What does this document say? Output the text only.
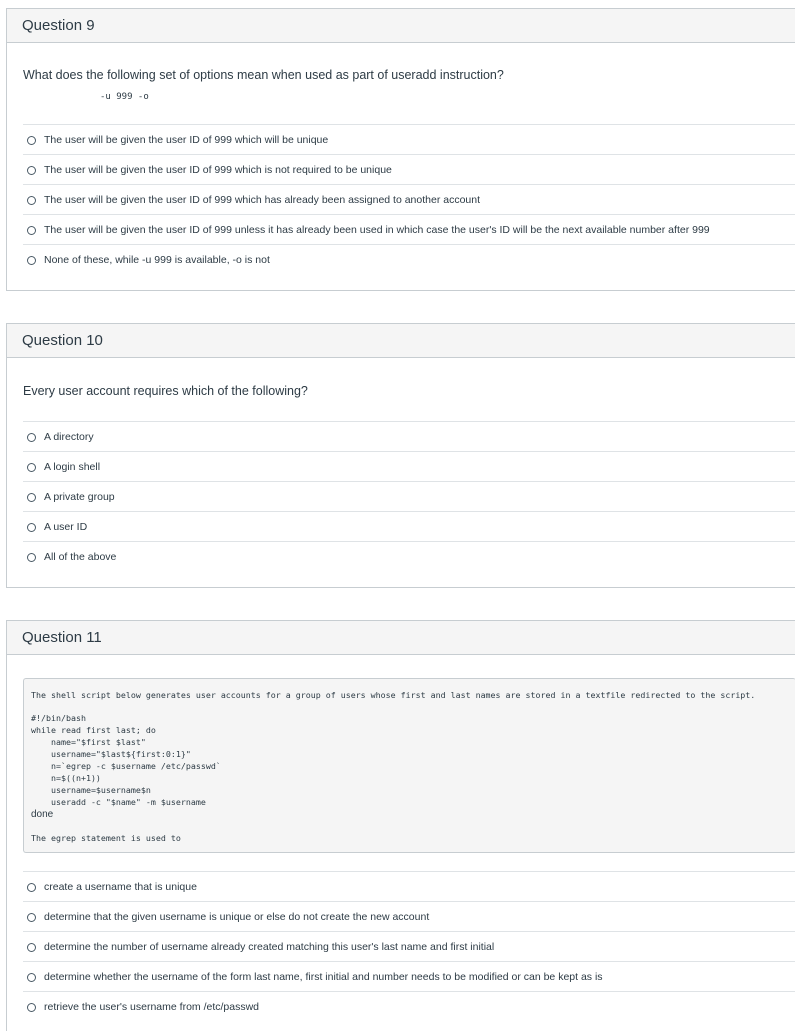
Question 9
What does the following set of options mean when used as part of useradd instruction?
-u 999 -o
The user will be given the user ID of 999 which will be unique
The user will be given the user ID of 999 which is not required to be unique
The user will be given the user ID of 999 which has already been assigned to another account
The user will be given the user ID of 999 unless it has already been used in which case the user's ID will be the next available number after 999
None of these, while -u 999 is available, -o is not
Question 10
Every user account requires which of the following?
A directory
A login shell
A private group
A user ID
All of the above
Question 11
The shell script below generates user accounts for a group of users whose first and last names are stored in a textfile redirected to the script.
#!/bin/bash
while read first last; do
name="$first $last"
username="$last${first:0:1}"
n=`egrep -c $username /etc/passwd`
n=$((n+1))
username=$username$n
useradd -c "$name" -m $username
done
The egrep statement is used to
create a username that is unique
determine that the given username is unique or else do not create the new account
determine the number of username already created matching this user's last name and first initial
determine whether the username of the form last name, first initial and number needs to be modified or can be kept as is
retrieve the user's username from /etc/passwd
